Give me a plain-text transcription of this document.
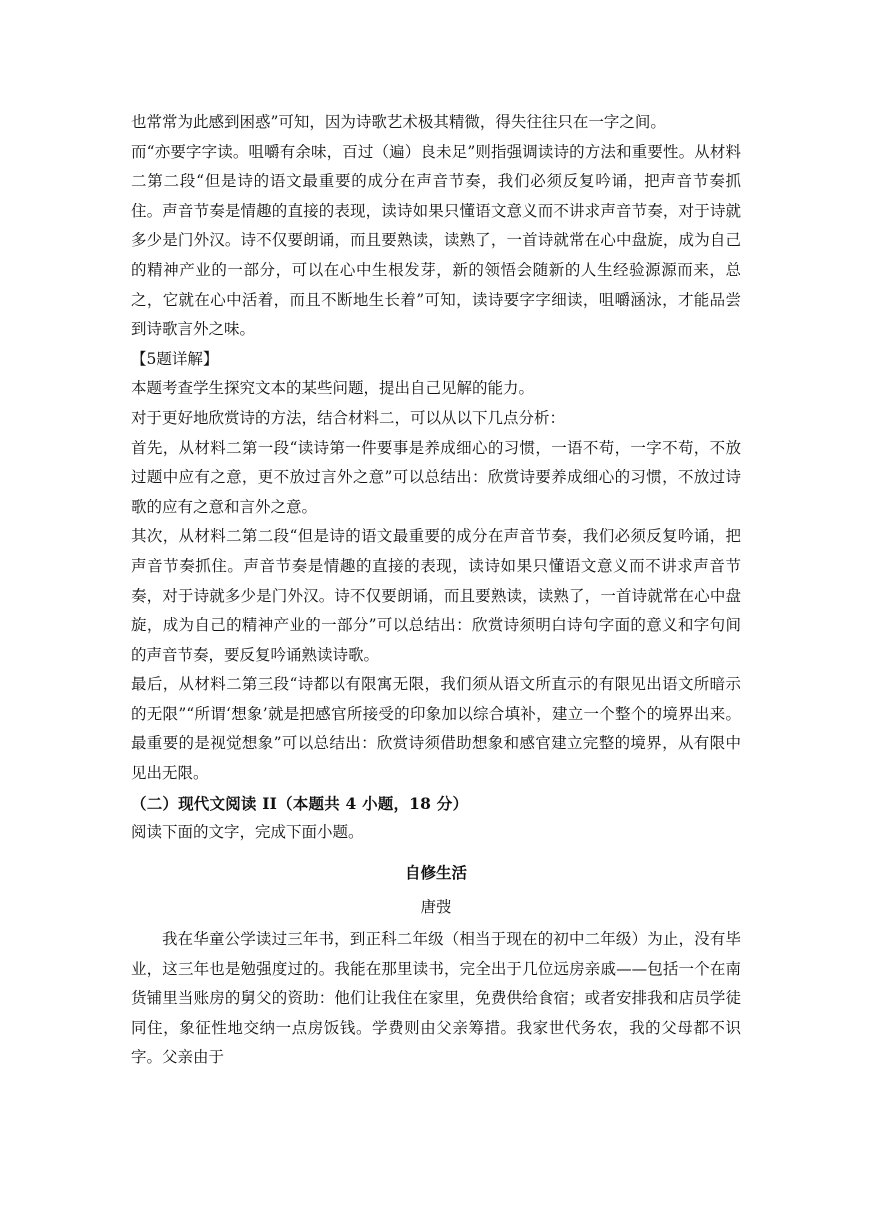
也常常为此感到困惑”可知，因为诗歌艺术极其精微，得失往往只在一字之间。

而“亦要字字读。咀嚼有余味，百过（遍）良未足”则指强调读诗的方法和重要性。从材料二第二段“但是诗的语文最重要的成分在声音节奏，我们必须反复吟诵，把声音节奏抓住。声音节奏是情趣的直接的表现，读诗如果只懂语文意义而不讲求声音节奏，对于诗就多少是门外汉。诗不仅要朗诵，而且要熟读，读熟了，一首诗就常在心中盘旋，成为自己的精神产业的一部分，可以在心中生根发芽，新的领悟会随新的人生经验源源而来，总之，它就在心中活着，而且不断地生长着”可知，读诗要字字细读，咀嚼涵泳，才能品尝到诗歌言外之味。

【5题详解】

本题考查学生探究文本的某些问题，提出自己见解的能力。

对于更好地欣赏诗的方法，结合材料二，可以从以下几点分析：

首先，从材料二第一段“读诗第一件要事是养成细心的习惯，一语不苟，一字不苟，不放过题中应有之意，更不放过言外之意”可以总结出：欣赏诗要养成细心的习惯，不放过诗歌的应有之意和言外之意。

其次，从材料二第二段“但是诗的语文最重要的成分在声音节奏，我们必须反复吟诵，把声音节奏抓住。声音节奏是情趣的直接的表现，读诗如果只懂语文意义而不讲求声音节奏，对于诗就多少是门外汉。诗不仅要朗诵，而且要熟读，读熟了，一首诗就常在心中盘旋，成为自己的精神产业的一部分”可以总结出：欣赏诗须明白诗句字面的意义和字句间的声音节奏，要反复吟诵熟读诗歌。

最后，从材料二第三段“诗都以有限寓无限，我们须从语文所直示的有限见出语文所暗示的无限”“所谓‘想象’就是把感官所接受的印象加以综合填补，建立一个整个的境界出来。最重要的是视觉想象”可以总结出：欣赏诗须借助想象和感官建立完整的境界，从有限中见出无限。

（二）现代文阅读 II（本题共 4 小题，18 分）

阅读下面的文字，完成下面小题。

自修生活

唐弢

我在华童公学读过三年书，到正科二年级（相当于现在的初中二年级）为止，没有毕业，这三年也是勉强度过的。我能在那里读书，完全出于几位远房亲戚——包括一个在南货铺里当账房的舅父的资助：他们让我住在家里，免费供给食宿；或者安排我和店员学徒同住，象征性地交纳一点房饭钱。学费则由父亲筹措。我家世代务农，我的父母都不识字。父亲由于
